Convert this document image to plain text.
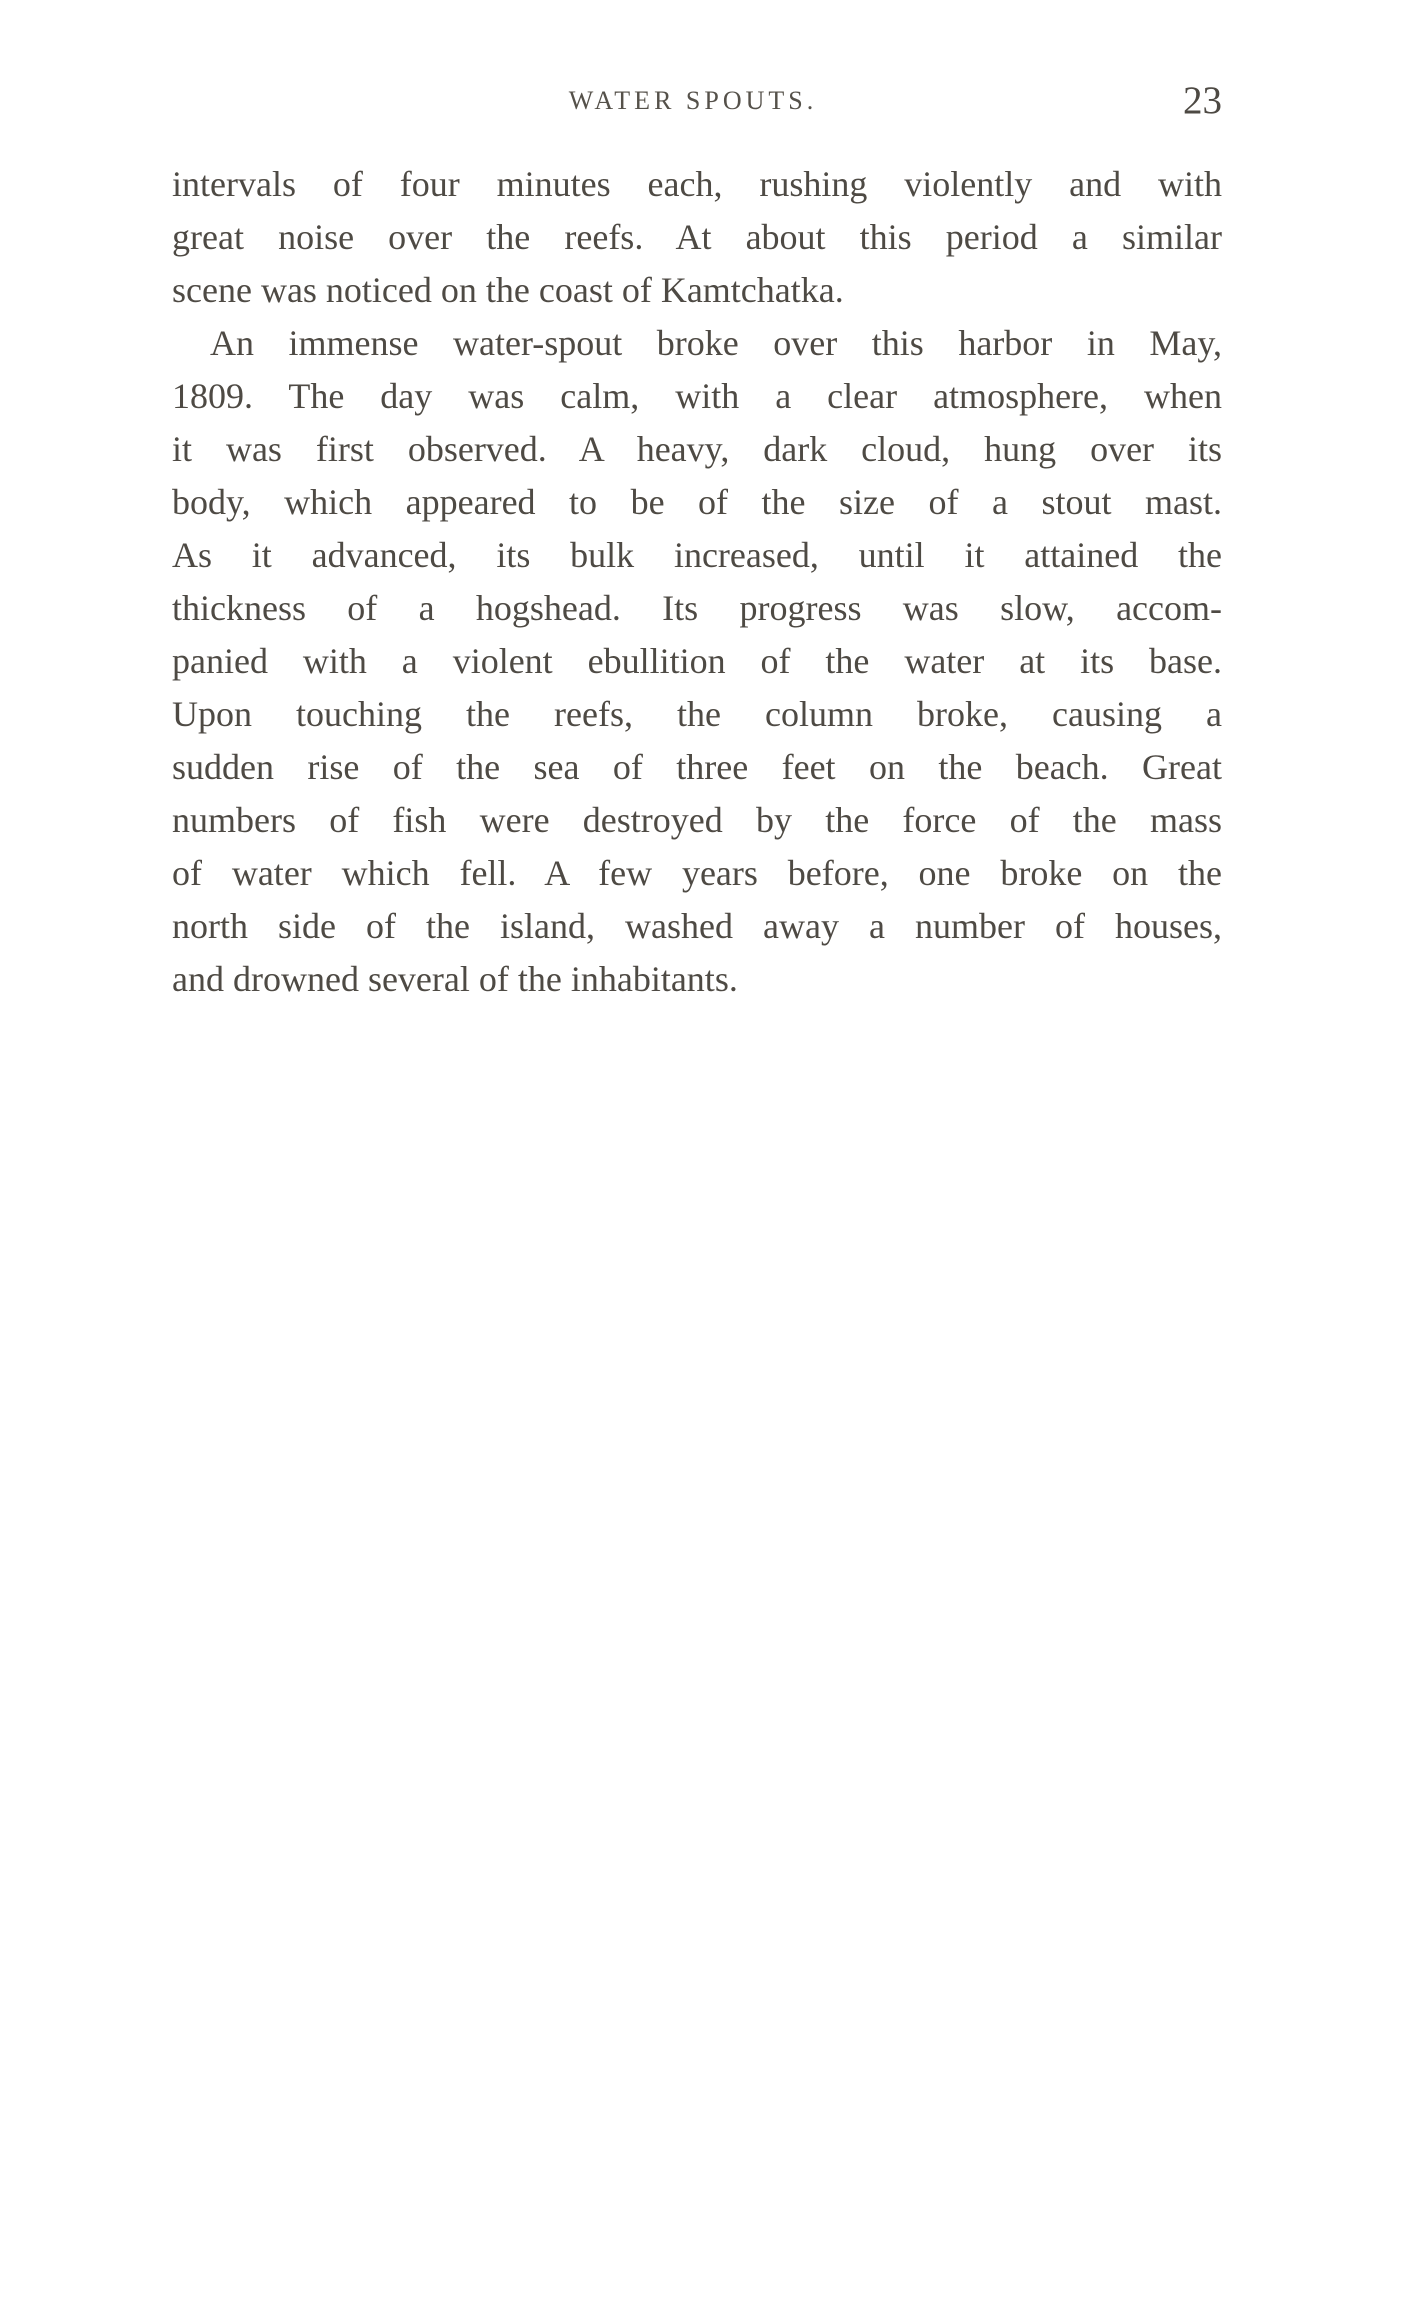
WATER SPOUTS.	23
intervals of four minutes each, rushing violently and with
great noise over the reefs. At about this period a similar
scene was noticed on the coast of Kamtchatka.
An immense water-spout broke over this harbor in May,
1809. The day was calm, with a clear atmosphere, when
it was first observed. A heavy, dark cloud, hung over its
body, which appeared to be of the size of a stout mast.
As it advanced, its bulk increased, until it attained the
thickness of a hogshead. Its progress was slow, accom-
panied with a violent ebullition of the water at its base.
Upon touching the reefs, the column broke, causing a
sudden rise of the sea of three feet on the beach. Great
numbers of fish were destroyed by the force of the mass
of water which fell. A few years before, one broke on the
north side of the island, washed away a number of houses,
and drowned several of the inhabitants.
